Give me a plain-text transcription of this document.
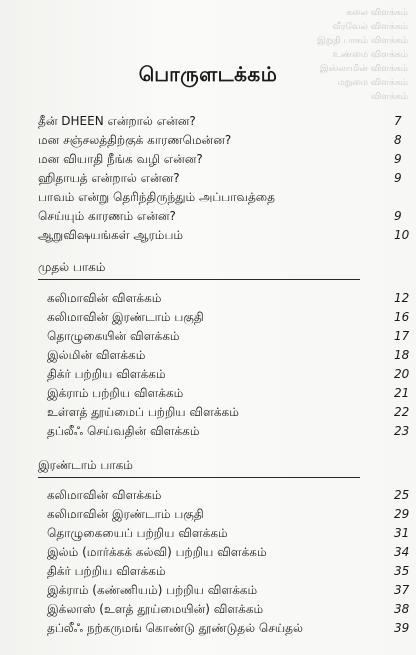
கலை விளக்கம்
வீரவேல் விளக்கம்
இறுதி பாகம் விளக்கம்
உண்மை விளக்கம்
இஸ்லாமின் விளக்கம்
மறுமை விளக்கம்
விளக்கம்
பொருளடக்கம்
தீன் DHEEN என்றால் என்ன?	7
மன சஞ்சலத்திற்குக் காரணமென்ன?	8
மன வியாதி நீங்க வழி என்ன?	9
ஹிதாயத் என்றால் என்ன?	9
பாவம் என்று தெரிந்திருந்தும் அப்பாவத்தை
செய்யும் காரணம் என்ன?	9
ஆறுவிஷயங்கள் ஆரம்பம்	10
முதல் பாகம்
கலிமாவின் விளக்கம்	12
கலிமாவின் இரண்டாம் பகுதி	16
தொழுகையின் விளக்கம்	17
இல்மின் விளக்கம்	18
திக்ர் பற்றிய விளக்கம்	20
இக்ராம் பற்றிய விளக்கம்	21
உள்ளத் தூய்மைப் பற்றிய விளக்கம்	22
தப்லீஃ செய்வதின் விளக்கம்	23
இரண்டாம் பாகம்
கலிமாவின் விளக்கம்	25
கலிமாவின் இரண்டாம் பகுதி	29
தொழுகையைப் பற்றிய விளக்கம்	31
இல்ம் (மார்க்கக் கல்வி) பற்றிய விளக்கம்	34
திக்ர் பற்றிய விளக்கம்	35
இக்ராம் (கண்ணியம்) பற்றிய விளக்கம்	37
இக்லாஸ் (உளத் தூய்மையின்) விளக்கம்	38
தப்லீஃ நற்கருமங் கொண்டு தூண்டுதல் செய்தல்	39
